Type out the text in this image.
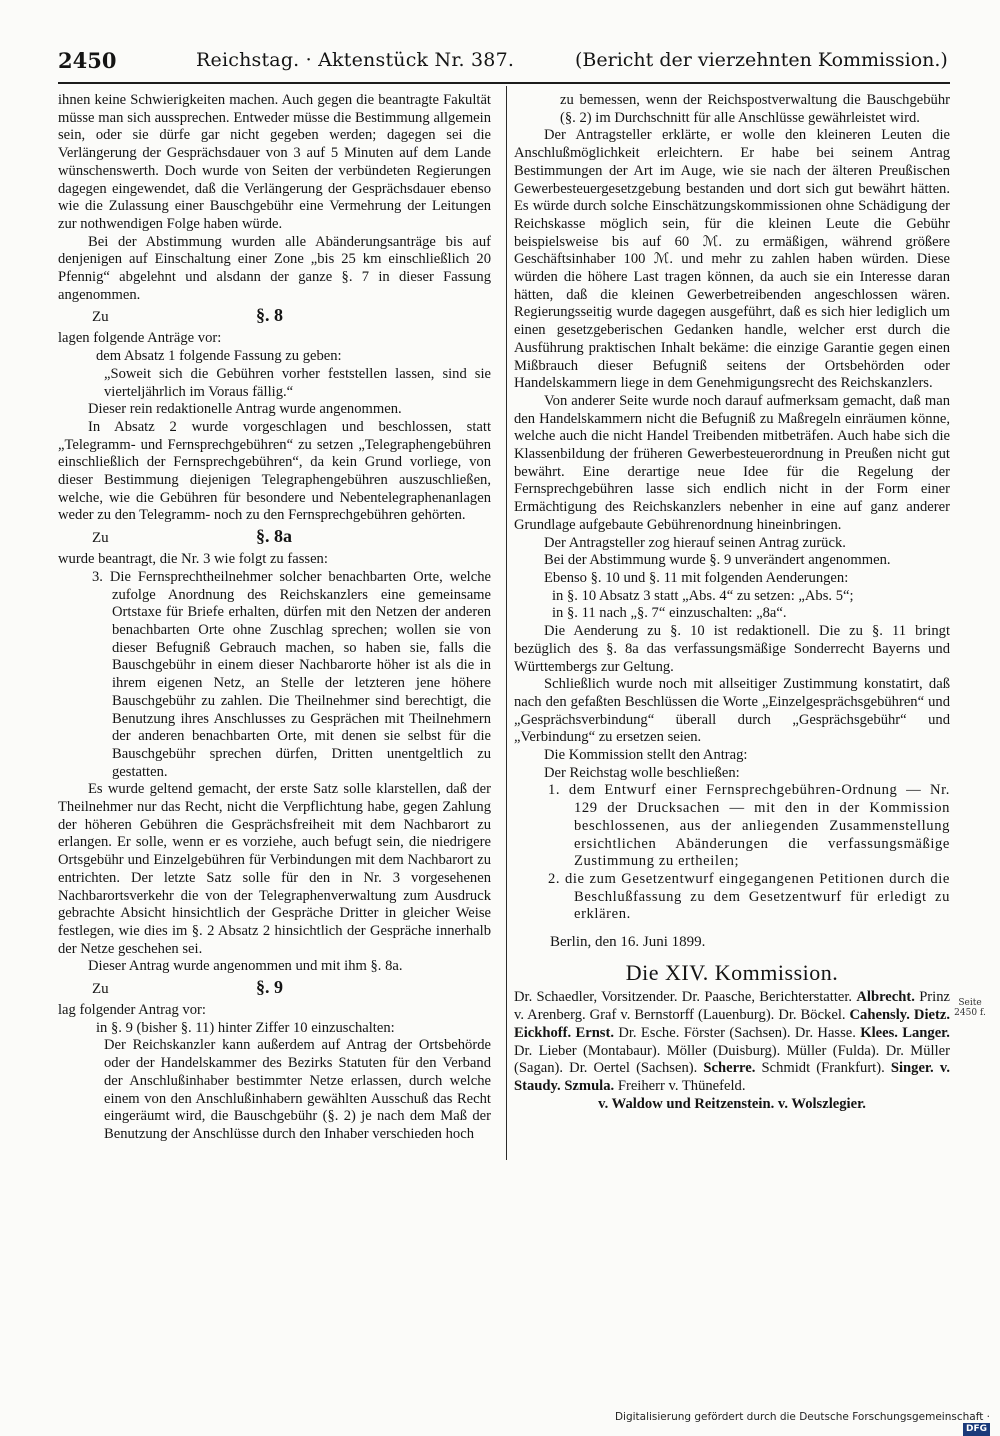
2450	Reichstag. · Aktenstück Nr. 387.	(Bericht der vierzehnten Kommission.)

ihnen keine Schwierigkeiten machen. Auch gegen die beantragte Fakultät müsse man sich aussprechen. Entweder müsse die Bestimmung allgemein sein, oder sie dürfe gar nicht gegeben werden; dagegen sei die Verlängerung der Gesprächsdauer von 3 auf 5 Minuten auf dem Lande wünschenswerth. Doch wurde von Seiten der verbündeten Regierungen dagegen eingewendet, daß die Verlängerung der Gesprächsdauer ebenso wie die Zulassung einer Bauschgebühr eine Vermehrung der Leitungen zur nothwendigen Folge haben würde.

Bei der Abstimmung wurden alle Abänderungsanträge bis auf denjenigen auf Einschaltung einer Zone „bis 25 km einschließlich 20 Pfennig“ abgelehnt und alsdann der ganze §. 7 in dieser Fassung angenommen.

Zu	§. 8

lagen folgende Anträge vor:

dem Absatz 1 folgende Fassung zu geben:

„Soweit sich die Gebühren vorher feststellen lassen, sind sie vierteljährlich im Voraus fällig.“

Dieser rein redaktionelle Antrag wurde angenommen.

In Absatz 2 wurde vorgeschlagen und beschlossen, statt „Telegramm- und Fernsprechgebühren“ zu setzen „Telegraphengebühren einschließlich der Fernsprechgebühren“, da kein Grund vorliege, von dieser Bestimmung diejenigen Telegraphengebühren auszuschließen, welche, wie die Gebühren für besondere und Nebentelegraphenanlagen weder zu den Telegramm- noch zu den Fernsprechgebühren gehörten.

Zu	§. 8a

wurde beantragt, die Nr. 3 wie folgt zu fassen:

3. Die Fernsprechtheilnehmer solcher benachbarten Orte, welche zufolge Anordnung des Reichskanzlers eine gemeinsame Ortstaxe für Briefe erhalten, dürfen mit den Netzen der anderen benachbarten Orte ohne Zuschlag sprechen; wollen sie von dieser Befugniß Gebrauch machen, so haben sie, falls die Bauschgebühr in einem dieser Nachbarorte höher ist als die in ihrem eigenen Netz, an Stelle der letzteren jene höhere Bauschgebühr zu zahlen. Die Theilnehmer sind berechtigt, die Benutzung ihres Anschlusses zu Gesprächen mit Theilnehmern der anderen benachbarten Orte, mit denen sie selbst für die Bauschgebühr sprechen dürfen, Dritten unentgeltlich zu gestatten.

Es wurde geltend gemacht, der erste Satz solle klarstellen, daß der Theilnehmer nur das Recht, nicht die Verpflichtung habe, gegen Zahlung der höheren Gebühren die Gesprächsfreiheit mit dem Nachbarort zu erlangen. Er solle, wenn er es vorziehe, auch befugt sein, die niedrigere Ortsgebühr und Einzelgebühren für Verbindungen mit dem Nachbarort zu entrichten. Der letzte Satz solle für den in Nr. 3 vorgesehenen Nachbarortsverkehr die von der Telegraphenverwaltung zum Ausdruck gebrachte Absicht hinsichtlich der Gespräche Dritter in gleicher Weise festlegen, wie dies im §. 2 Absatz 2 hinsichtlich der Gespräche innerhalb der Netze geschehen sei.

Dieser Antrag wurde angenommen und mit ihm §. 8a.

Zu	§. 9

lag folgender Antrag vor:

in §. 9 (bisher §. 11) hinter Ziffer 10 einzuschalten:

Der Reichskanzler kann außerdem auf Antrag der Ortsbehörde oder der Handelskammer des Bezirks Statuten für den Verband der Anschlußinhaber bestimmter Netze erlassen, durch welche einem von den Anschlußinhabern gewählten Ausschuß das Recht eingeräumt wird, die Bauschgebühr (§. 2) je nach dem Maß der Benutzung der Anschlüsse durch den Inhaber verschieden hoch

zu bemessen, wenn der Reichspostverwaltung die Bauschgebühr (§. 2) im Durchschnitt für alle Anschlüsse gewährleistet wird.

Der Antragsteller erklärte, er wolle den kleineren Leuten die Anschlußmöglichkeit erleichtern. Er habe bei seinem Antrag Bestimmungen der Art im Auge, wie sie nach der älteren Preußischen Gewerbesteuergesetzgebung bestanden und dort sich gut bewährt hätten. Es würde durch solche Einschätzungskommissionen ohne Schädigung der Reichskasse möglich sein, für die kleinen Leute die Gebühr beispielsweise bis auf 60 ℳ. zu ermäßigen, während größere Geschäftsinhaber 100 ℳ. und mehr zu zahlen haben würden. Diese würden die höhere Last tragen können, da auch sie ein Interesse daran hätten, daß die kleinen Gewerbetreibenden angeschlossen wären. Regierungsseitig wurde dagegen ausgeführt, daß es sich hier lediglich um einen gesetzgeberischen Gedanken handle, welcher erst durch die Ausführung praktischen Inhalt bekäme: die einzige Garantie gegen einen Mißbrauch dieser Befugniß seitens der Ortsbehörden oder Handelskammern liege in dem Genehmigungsrecht des Reichskanzlers.

Von anderer Seite wurde noch darauf aufmerksam gemacht, daß man den Handelskammern nicht die Befugniß zu Maßregeln einräumen könne, welche auch die nicht Handel Treibenden mitbeträfen. Auch habe sich die Klassenbildung der früheren Gewerbesteuerordnung in Preußen nicht gut bewährt. Eine derartige neue Idee für die Regelung der Fernsprechgebühren lasse sich endlich nicht in der Form einer Ermächtigung des Reichskanzlers nebenher in eine auf ganz anderer Grundlage aufgebaute Gebührenordnung hineinbringen.

Der Antragsteller zog hierauf seinen Antrag zurück.

Bei der Abstimmung wurde §. 9 unverändert angenommen.

Ebenso §. 10 und §. 11 mit folgenden Aenderungen:

in §. 10 Absatz 3 statt „Abs. 4“ zu setzen: „Abs. 5“;

in §. 11 nach „§. 7“ einzuschalten: „8a“.

Die Aenderung zu §. 10 ist redaktionell. Die zu §. 11 bringt bezüglich des §. 8a das verfassungsmäßige Sonderrecht Bayerns und Württembergs zur Geltung.

Schließlich wurde noch mit allseitiger Zustimmung konstatirt, daß nach den gefaßten Beschlüssen die Worte „Einzelgesprächsgebühren“ und „Gesprächsverbindung“ überall durch „Gesprächsgebühr“ und „Verbindung“ zu ersetzen seien.

Die Kommission stellt den Antrag:

Der Reichstag wolle beschließen:

1. dem Entwurf einer Fernsprechgebühren-Ordnung — Nr. 129 der Drucksachen — mit den in der Kommission beschlossenen, aus der anliegenden Zusammenstellung ersichtlichen Abänderungen die verfassungsmäßige Zustimmung zu ertheilen;

2. die zum Gesetzentwurf eingegangenen Petitionen durch die Beschlußfassung zu dem Gesetzentwurf für erledigt zu erklären.

Berlin, den 16. Juni 1899.

Die XIV. Kommission.
Dr. Schaedler, Vorsitzender. Dr. Paasche, Berichterstatter. Albrecht. Prinz v. Arenberg. Graf v. Bernstorff (Lauenburg). Dr. Böckel. Cahensly. Dietz. Eickhoff. Ernst. Dr. Esche. Förster (Sachsen). Dr. Hasse. Klees. Langer. Dr. Lieber (Montabaur). Möller (Duisburg). Müller (Fulda). Dr. Müller (Sagan). Dr. Oertel (Sachsen). Scherre. Schmidt (Frankfurt). Singer. v. Staudy. Szmula. Freiherr v. Thünefeld.
v. Waldow und Reitzenstein. v. Wolszlegier.
Seite 2450 f.
Digitalisierung gefördert durch die Deutsche Forschungsgemeinschaft · DFG
